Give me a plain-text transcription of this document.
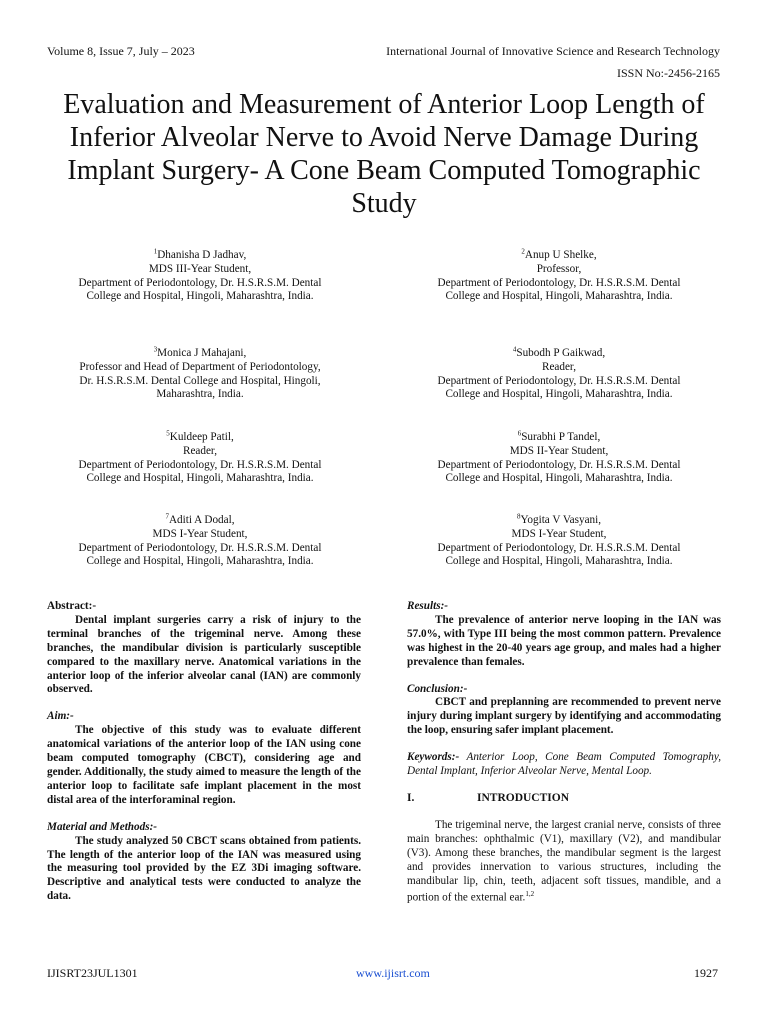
Volume 8, Issue 7, July – 2023	International Journal of Innovative Science and Research Technology
ISSN No:-2456-2165
Evaluation and Measurement of Anterior Loop Length of Inferior Alveolar Nerve to Avoid Nerve Damage During Implant Surgery- A Cone Beam Computed Tomographic Study
$^1$Dhanisha D Jadhav,
MDS III-Year Student,
Department of Periodontology, Dr. H.S.R.S.M. Dental
College and Hospital, Hingoli, Maharashtra, India.
$^2$Anup U Shelke,
Professor,
Department of Periodontology, Dr. H.S.R.S.M. Dental
College and Hospital, Hingoli, Maharashtra, India.
$^3$Monica J Mahajani,
Professor and Head of Department of Periodontology,
Dr. H.S.R.S.M. Dental College and Hospital, Hingoli,
Maharashtra, India.
$^4$Subodh P Gaikwad,
Reader,
Department of Periodontology, Dr. H.S.R.S.M. Dental
College and Hospital, Hingoli, Maharashtra, India.
$^5$Kuldeep Patil,
Reader,
Department of Periodontology, Dr. H.S.R.S.M. Dental
College and Hospital, Hingoli, Maharashtra, India.
$^6$Surabhi P Tandel,
MDS II-Year Student,
Department of Periodontology, Dr. H.S.R.S.M. Dental
College and Hospital, Hingoli, Maharashtra, India.
$^7$Aditi A Dodal,
MDS I-Year Student,
Department of Periodontology, Dr. H.S.R.S.M. Dental
College and Hospital, Hingoli, Maharashtra, India.
$^8$Yogita V Vasyani,
MDS I-Year Student,
Department of Periodontology, Dr. H.S.R.S.M. Dental
College and Hospital, Hingoli, Maharashtra, India.

Abstract:-

Dental implant surgeries carry a risk of injury to the terminal branches of the trigeminal nerve. Among these branches, the mandibular division is particularly susceptible compared to the maxillary nerve. Anatomical variations in the anterior loop of the inferior alveolar canal (IAN) are commonly observed.

Aim:-

The objective of this study was to evaluate different anatomical variations of the anterior loop of the IAN using cone beam computed tomography (CBCT), considering age and gender. Additionally, the study aimed to measure the length of the anterior loop to facilitate safe implant placement in the most distal area of the interforaminal region.

Material and Methods:-

The study analyzed 50 CBCT scans obtained from patients. The length of the anterior loop of the IAN was measured using the measuring tool provided by the EZ 3Di imaging software. Descriptive and analytical tests were conducted to analyze the data.

Results:-

The prevalence of anterior nerve looping in the IAN was 57.0%, with Type III being the most common pattern. Prevalence was highest in the 20-40 years age group, and males had a higher prevalence than females.

Conclusion:-

CBCT and preplanning are recommended to prevent nerve injury during implant surgery by identifying and accommodating the loop, ensuring safer implant placement.

Keywords:- Anterior Loop, Cone Beam Computed Tomography, Dental Implant, Inferior Alveolar Nerve, Mental Loop.

I.	INTRODUCTION

The trigeminal nerve, the largest cranial nerve, consists of three main branches: ophthalmic (V1), maxillary (V2), and mandibular (V3). Among these branches, the mandibular segment is the largest and provides innervation to various structures, including the mandibular lip, chin, teeth, adjacent soft tissues, mandible, and a portion of the external ear.$^{1,2}$

IJISRT23JUL1301	www.ijisrt.com	1927
